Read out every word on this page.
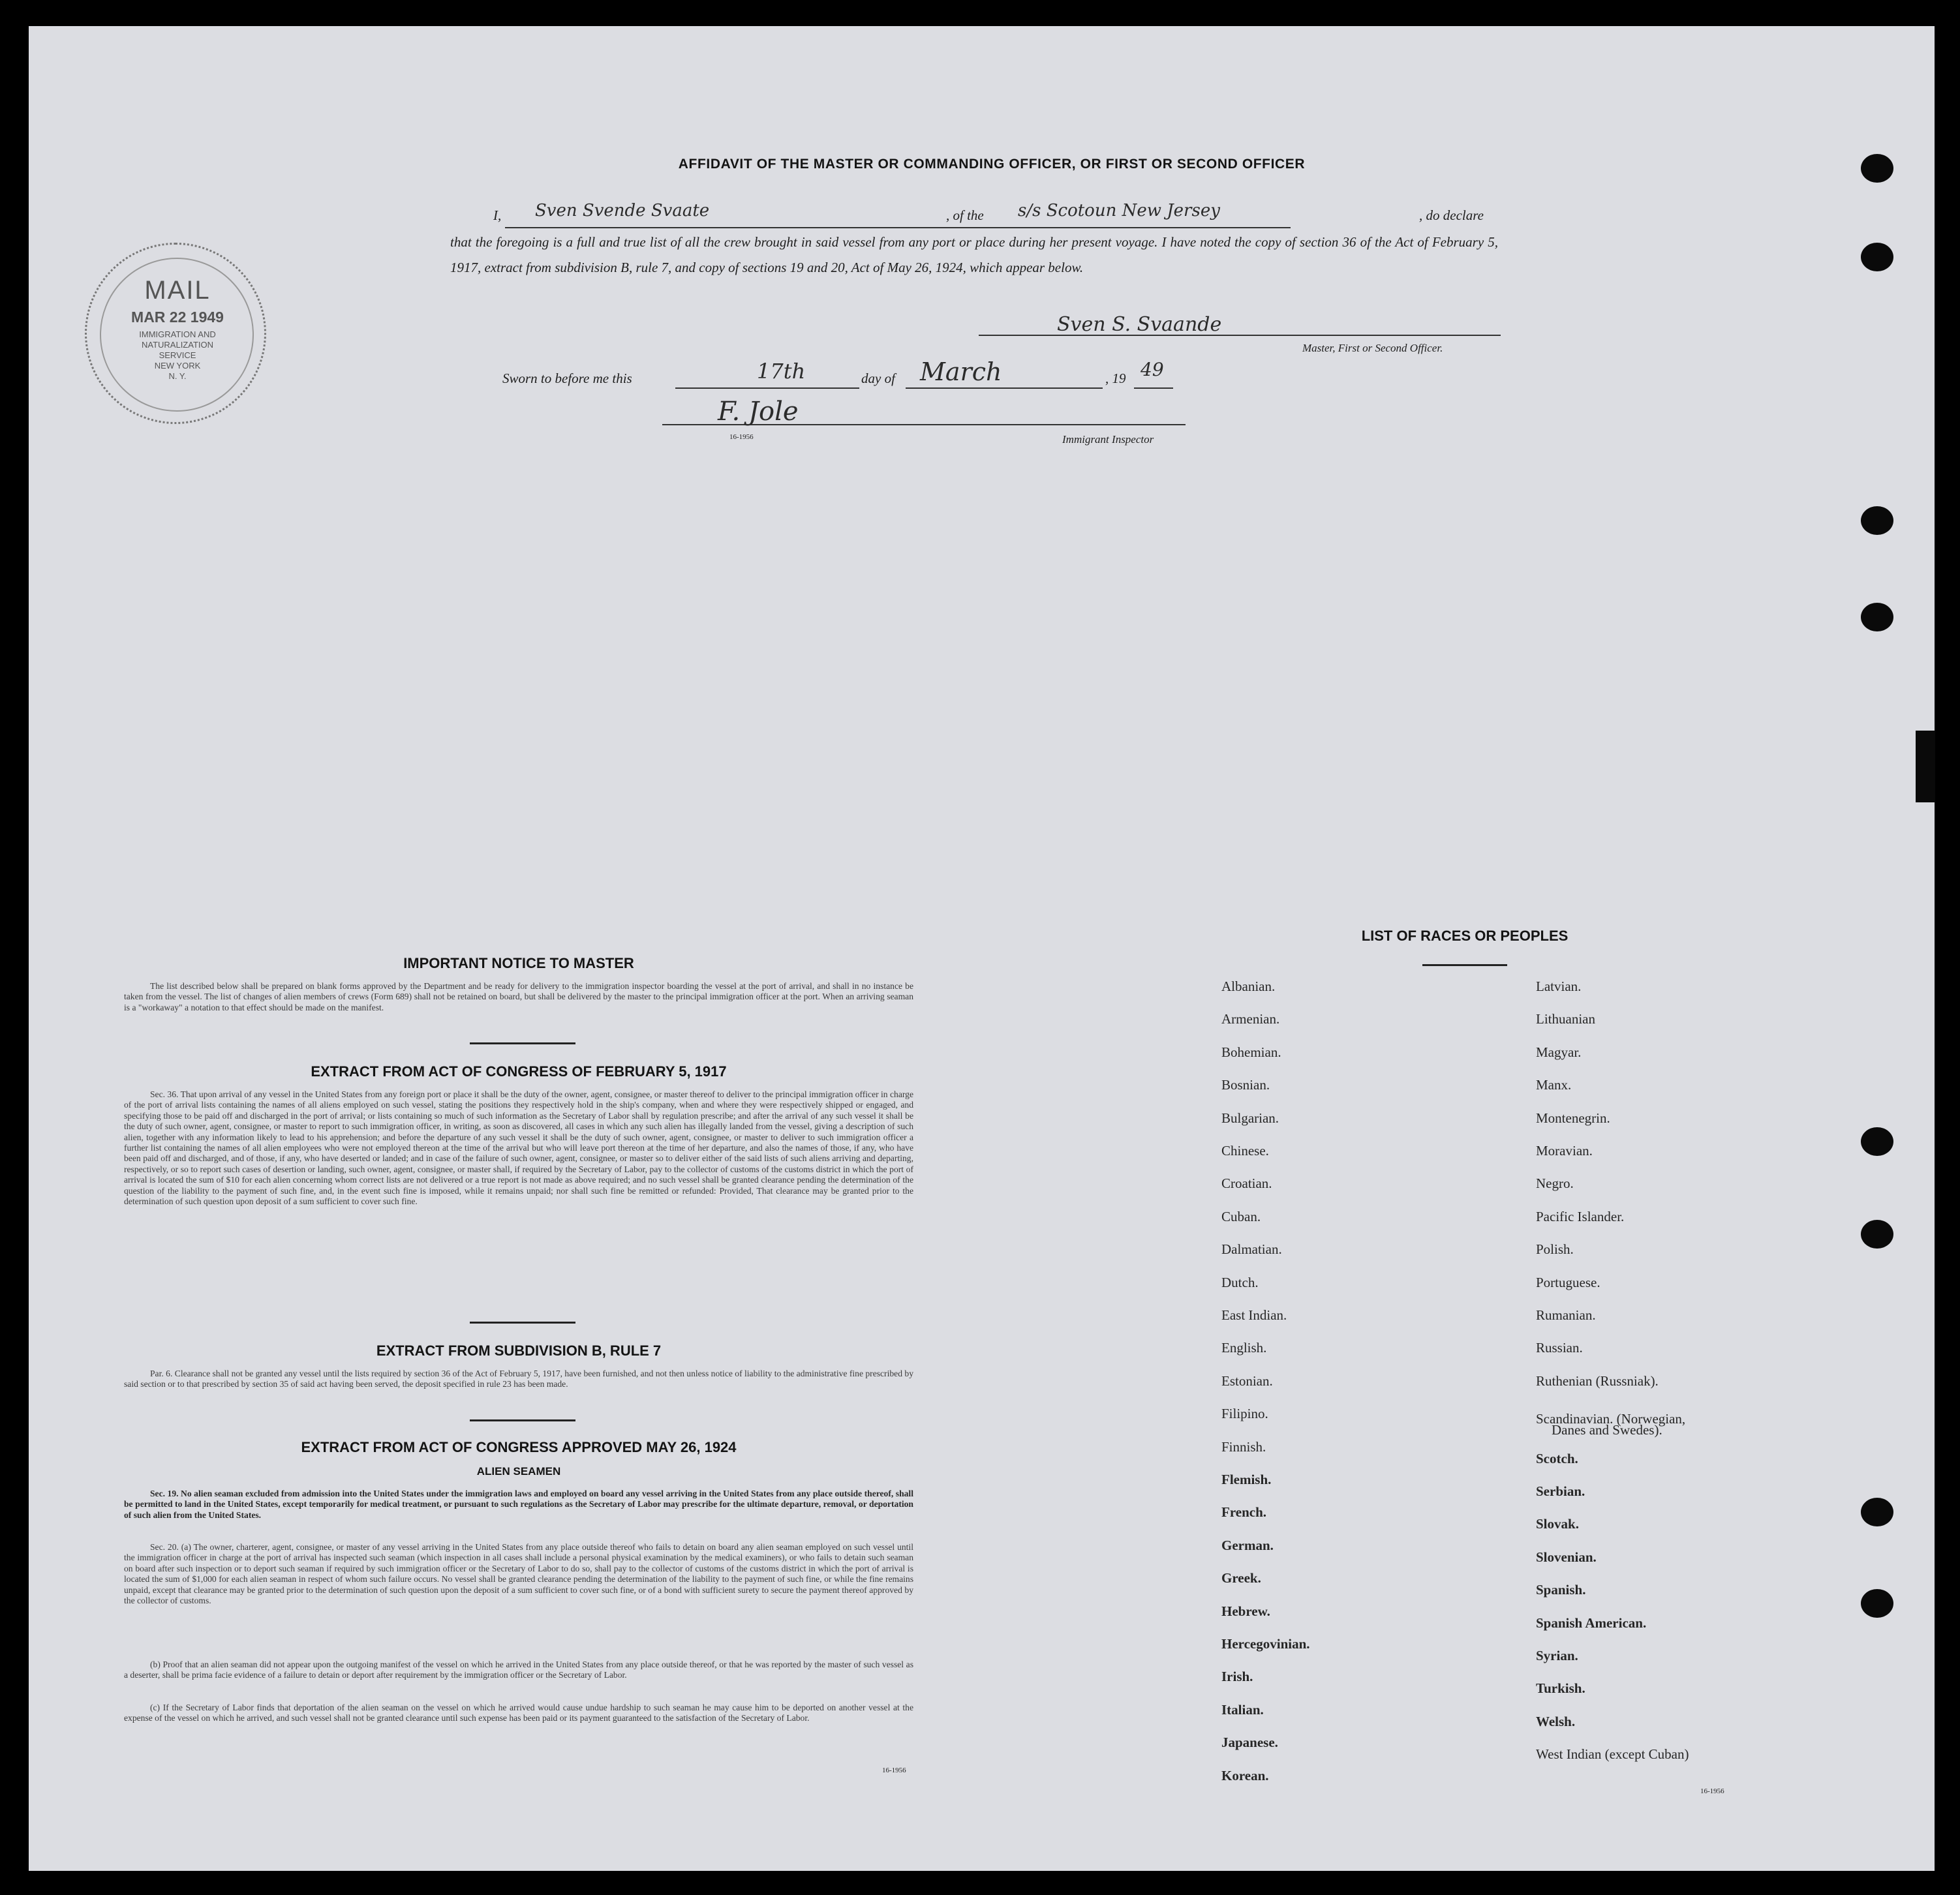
AFFIDAVIT OF THE MASTER OR COMMANDING OFFICER, OR FIRST OR SECOND OFFICER
I, Sven Svende Svaate	, of the s/s Scotoun New Jersey	, do declare
that the foregoing is a full and true list of all the crew brought in said vessel from any port or place during her present voyage. I have noted the copy of section 36 of the Act of February 5, 1917, extract from subdivision B, rule 7, and copy of sections 19 and 20, Act of May 26, 1924, which appear below.
Sven S. Svaande
Master, First or Second Officer.
Sworn to before me this	17th	day of March	, 19 49
F. Jole
16-1956	Immigrant Inspector
MAIL
MAR 22 1949
IMMIGRATION AND
NATURALIZATION
SERVICE
NEW YORK
N. Y.
IMPORTANT NOTICE TO MASTER
The list described below shall be prepared on blank forms approved by the Department and be ready for delivery to the immigration inspector boarding the vessel at the port of arrival, and shall in no instance be taken from the vessel. The list of changes of alien members of crews (Form 689) shall not be retained on board, but shall be delivered by the master to the principal immigration officer at the port. When an arriving seaman is a "workaway" a notation to that effect should be made on the manifest.
EXTRACT FROM ACT OF CONGRESS OF FEBRUARY 5, 1917
Sec. 36. That upon arrival of any vessel in the United States from any foreign port or place it shall be the duty of the owner, agent, consignee, or master thereof to deliver to the principal immigration officer in charge of the port of arrival lists containing the names of all aliens employed on such vessel, stating the positions they respectively hold in the ship's company, when and where they were respectively shipped or engaged, and specifying those to be paid off and discharged in the port of arrival; or lists containing so much of such information as the Secretary of Labor shall by regulation prescribe; and after the arrival of any such vessel it shall be the duty of such owner, agent, consignee, or master to report to such immigration officer, in writing, as soon as discovered, all cases in which any such alien has illegally landed from the vessel, giving a description of such alien, together with any information likely to lead to his apprehension; and before the departure of any such vessel it shall be the duty of such owner, agent, consignee, or master to deliver to such immigration officer a further list containing the names of all alien employees who were not employed thereon at the time of the arrival but who will leave port thereon at the time of her departure, and also the names of those, if any, who have been paid off and discharged, and of those, if any, who have deserted or landed; and in case of the failure of such owner, agent, consignee, or master so to deliver either of the said lists of such aliens arriving and departing, respectively, or so to report such cases of desertion or landing, such owner, agent, consignee, or master shall, if required by the Secretary of Labor, pay to the collector of customs of the customs district in which the port of arrival is located the sum of $10 for each alien concerning whom correct lists are not delivered or a true report is not made as above required; and no such vessel shall be granted clearance pending the determination of the question of the liability to the payment of such fine, and, in the event such fine is imposed, while it remains unpaid; nor shall such fine be remitted or refunded: Provided, That clearance may be granted prior to the determination of such question upon deposit of a sum sufficient to cover such fine.
EXTRACT FROM SUBDIVISION B, RULE 7
Par. 6. Clearance shall not be granted any vessel until the lists required by section 36 of the Act of February 5, 1917, have been furnished, and not then unless notice of liability to the administrative fine prescribed by said section or to that prescribed by section 35 of said act having been served, the deposit specified in rule 23 has been made.
EXTRACT FROM ACT OF CONGRESS APPROVED MAY 26, 1924
ALIEN SEAMEN
Sec. 19. No alien seaman excluded from admission into the United States under the immigration laws and employed on board any vessel arriving in the United States from any place outside thereof, shall be permitted to land in the United States, except temporarily for medical treatment, or pursuant to such regulations as the Secretary of Labor may prescribe for the ultimate departure, removal, or deportation of such alien from the United States.
Sec. 20. (a) The owner, charterer, agent, consignee, or master of any vessel arriving in the United States from any place outside thereof who fails to detain on board any alien seaman employed on such vessel until the immigration officer in charge at the port of arrival has inspected such seaman (which inspection in all cases shall include a personal physical examination by the medical examiners), or who fails to detain such seaman on board after such inspection or to deport such seaman if required by such immigration officer or the Secretary of Labor to do so, shall pay to the collector of customs of the customs district in which the port of arrival is located the sum of $1,000 for each alien seaman in respect of whom such failure occurs. No vessel shall be granted clearance pending the determination of the liability to the payment of such fine, or while the fine remains unpaid, except that clearance may be granted prior to the determination of such question upon the deposit of a sum sufficient to cover such fine, or of a bond with sufficient surety to secure the payment thereof approved by the collector of customs.
(b) Proof that an alien seaman did not appear upon the outgoing manifest of the vessel on which he arrived in the United States from any place outside thereof, or that he was reported by the master of such vessel as a deserter, shall be prima facie evidence of a failure to detain or deport after requirement by the immigration officer or the Secretary of Labor.
(c) If the Secretary of Labor finds that deportation of the alien seaman on the vessel on which he arrived would cause undue hardship to such seaman he may cause him to be deported on another vessel at the expense of the vessel on which he arrived, and such vessel shall not be granted clearance until such expense has been paid or its payment guaranteed to the satisfaction of the Secretary of Labor.
16-1956
LIST OF RACES OR PEOPLES
Albanian.
Armenian.
Bohemian.
Bosnian.
Bulgarian.
Chinese.
Croatian.
Cuban.
Dalmatian.
Dutch.
East Indian.
English.
Estonian.
Filipino.
Finnish.
Flemish.
French.
German.
Greek.
Hebrew.
Hercegovinian.
Irish.
Italian.
Japanese.
Korean.
Latvian.
Lithuanian
Magyar.
Manx.
Montenegrin.
Moravian.
Negro.
Pacific Islander.
Polish.
Portuguese.
Rumanian.
Russian.
Ruthenian (Russniak).
Scandinavian. (Norwegian,
Scotch.
Serbian.
Slovak.
Slovenian.
Spanish.
Spanish American.
Syrian.
Turkish.
Welsh.
West Indian (except Cuban)
Danes and Swedes).
16-1956
